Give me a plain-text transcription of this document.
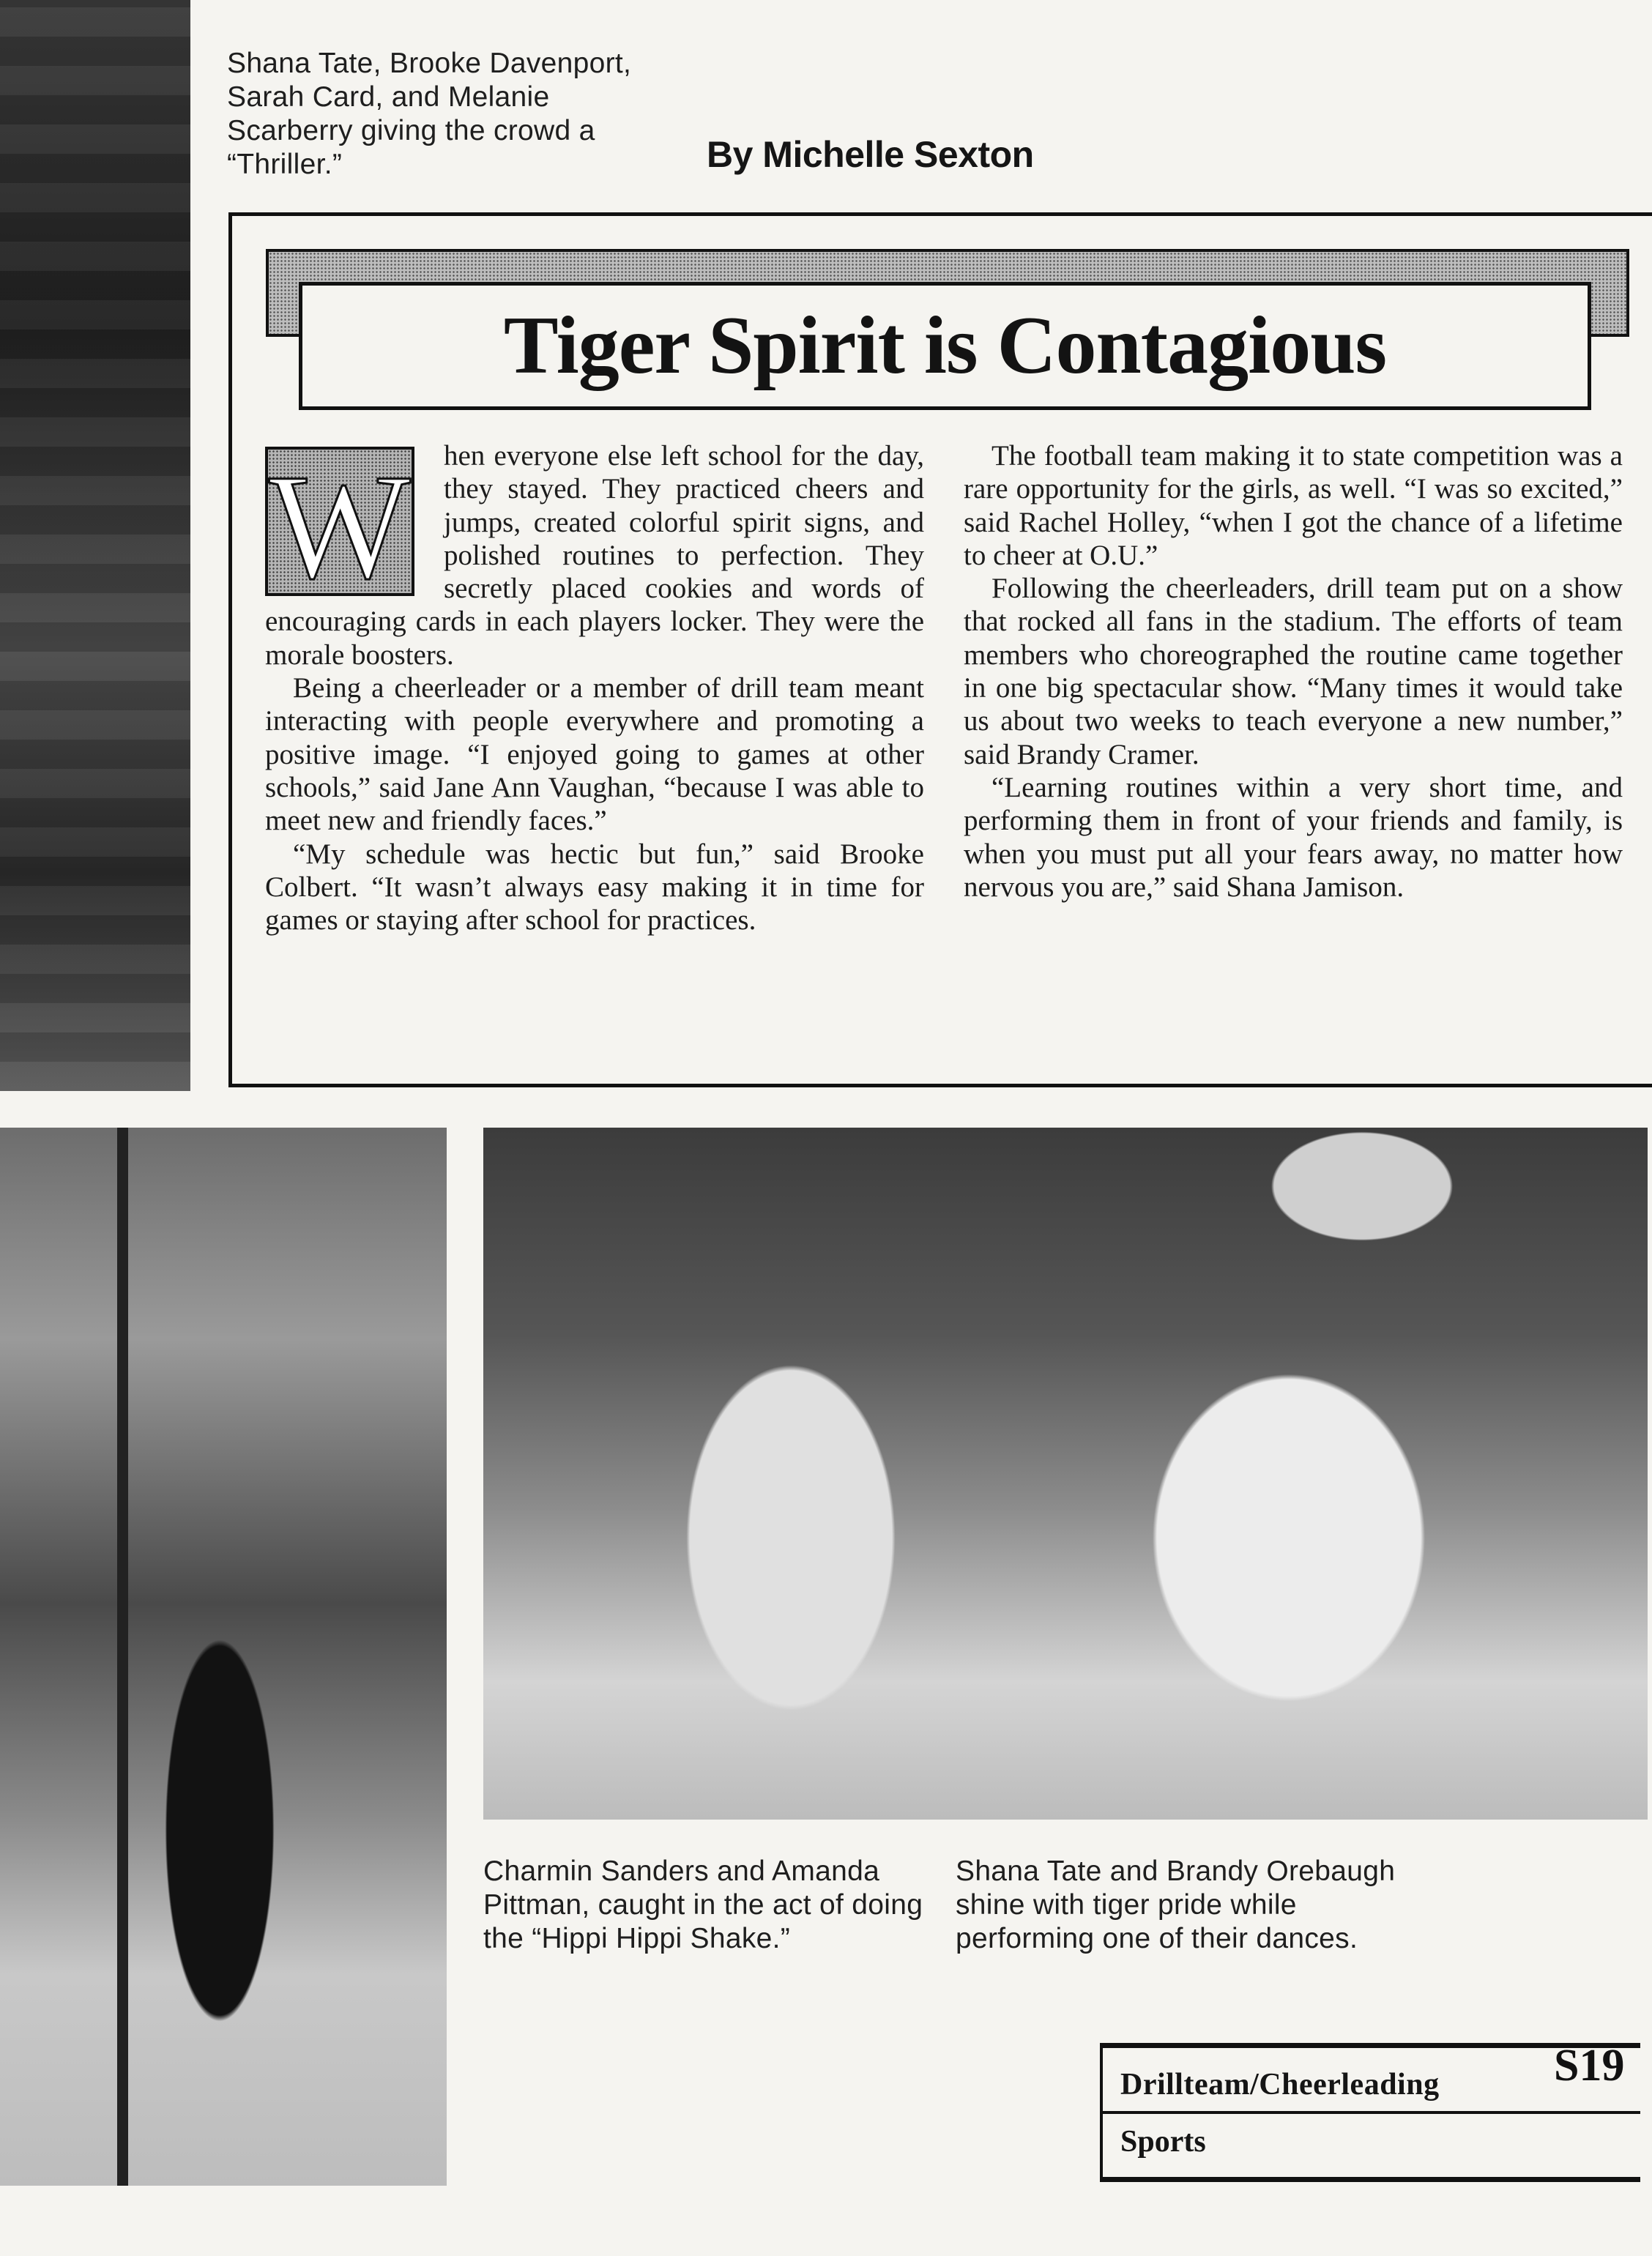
Shana Tate, Brooke Davenport, Sarah Card, and Melanie Scarberry giving the crowd a “Thriller.”	By Michelle Sexton
Tiger Spirit is Contagious
W	hen everyone else left school for the day, they stayed. They practiced cheers and jumps, created colorful spirit signs, and polished routines to perfection. They secretly placed cookies and words of encouraging cards in each players locker. They were the morale boosters.

Being a cheerleader or a member of drill team meant interacting with people everywhere and promoting a positive image. “I enjoyed going to games at other schools,” said Jane Ann Vaughan, “because I was able to meet new and friendly faces.”

“My schedule was hectic but fun,” said Brooke Colbert. “It wasn’t always easy making it in time for games or staying after school for practices.

The football team making it to state competition was a rare opportunity for the girls, as well. “I was so excited,” said Rachel Holley, “when I got the chance of a lifetime to cheer at O.U.”

Following the cheerleaders, drill team put on a show that rocked all fans in the stadium. The efforts of team members who choreographed the routine came together in one big spectacular show. “Many times it would take us about two weeks to teach everyone a new number,” said Brandy Cramer.

“Learning routines within a very short time, and performing them in front of your friends and family, is when you must put all your fears away, no matter how nervous you are,” said Shana Jamison.

Charmin Sanders and Amanda Pittman, caught in the act of doing the “Hippi Hippi Shake.”
Shana Tate and Brandy Orebaugh shine with tiger pride while performing one of their dances.
Drillteam/Cheerleading
Sports
S19
